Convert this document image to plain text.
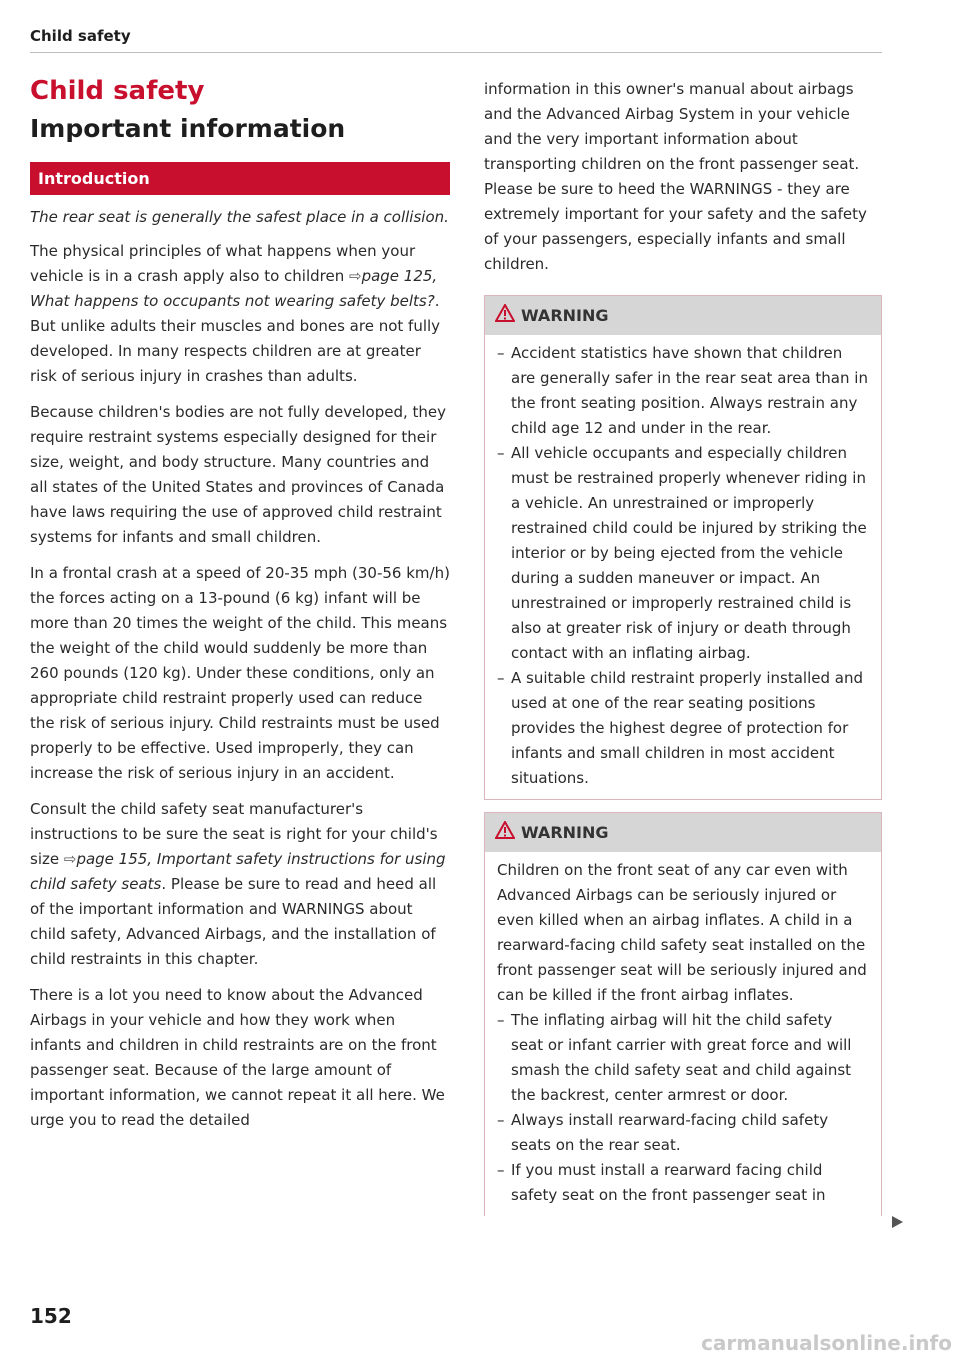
Child safety
Child safety
Important information
Introduction

The rear seat is generally the safest place in a collision.

The physical principles of what happens when your vehicle is in a crash apply also to children ⇨page 125, What happens to occupants not wearing safety belts?. But unlike adults their muscles and bones are not fully developed. In many respects children are at greater risk of serious injury in crashes than adults.

Because children's bodies are not fully developed, they require restraint systems especially designed for their size, weight, and body structure. Many countries and all states of the United States and provinces of Canada have laws requiring the use of approved child restraint systems for infants and small children.

In a frontal crash at a speed of 20-35 mph (30-56 km/h) the forces acting on a 13-pound (6 kg) infant will be more than 20 times the weight of the child. This means the weight of the child would suddenly be more than 260 pounds (120 kg). Under these conditions, only an appropriate child restraint properly used can reduce the risk of serious injury. Child restraints must be used properly to be effective. Used improperly, they can increase the risk of serious injury in an accident.

Consult the child safety seat manufacturer's instructions to be sure the seat is right for your child's size ⇨page 155, Important safety instructions for using child safety seats. Please be sure to read and heed all of the important information and WARNINGS about child safety, Advanced Airbags, and the installation of child restraints in this chapter.

There is a lot you need to know about the Advanced Airbags in your vehicle and how they work when infants and children in child restraints are on the front passenger seat. Because of the large amount of important information, we cannot repeat it all here. We urge you to read the detailed

information in this owner's manual about airbags and the Advanced Airbag System in your vehicle and the very important information about transporting children on the front passenger seat. Please be sure to heed the WARNINGS - they are extremely important for your safety and the safety of your passengers, especially infants and small children.

WARNING
– Accident statistics have shown that children are generally safer in the rear seat area than in the front seating position. Always restrain any child age 12 and under in the rear.
– All vehicle occupants and especially children must be restrained properly whenever riding in a vehicle. An unrestrained or improperly restrained child could be injured by striking the interior or by being ejected from the vehicle during a sudden maneuver or impact. An unrestrained or improperly restrained child is also at greater risk of injury or death through contact with an inflating airbag.
– A suitable child restraint properly installed and used at one of the rear seating positions provides the highest degree of protection for infants and small children in most accident situations.
WARNING

Children on the front seat of any car even with Advanced Airbags can be seriously injured or even killed when an airbag inflates. A child in a rearward-facing child safety seat installed on the front passenger seat will be seriously injured and can be killed if the front airbag inflates.

– The inflating airbag will hit the child safety seat or infant carrier with great force and will smash the child safety seat and child against the backrest, center armrest or door.
– Always install rearward-facing child safety seats on the rear seat.
– If you must install a rearward facing child safety seat on the front passenger seat in
152
carmanualsonline.info
